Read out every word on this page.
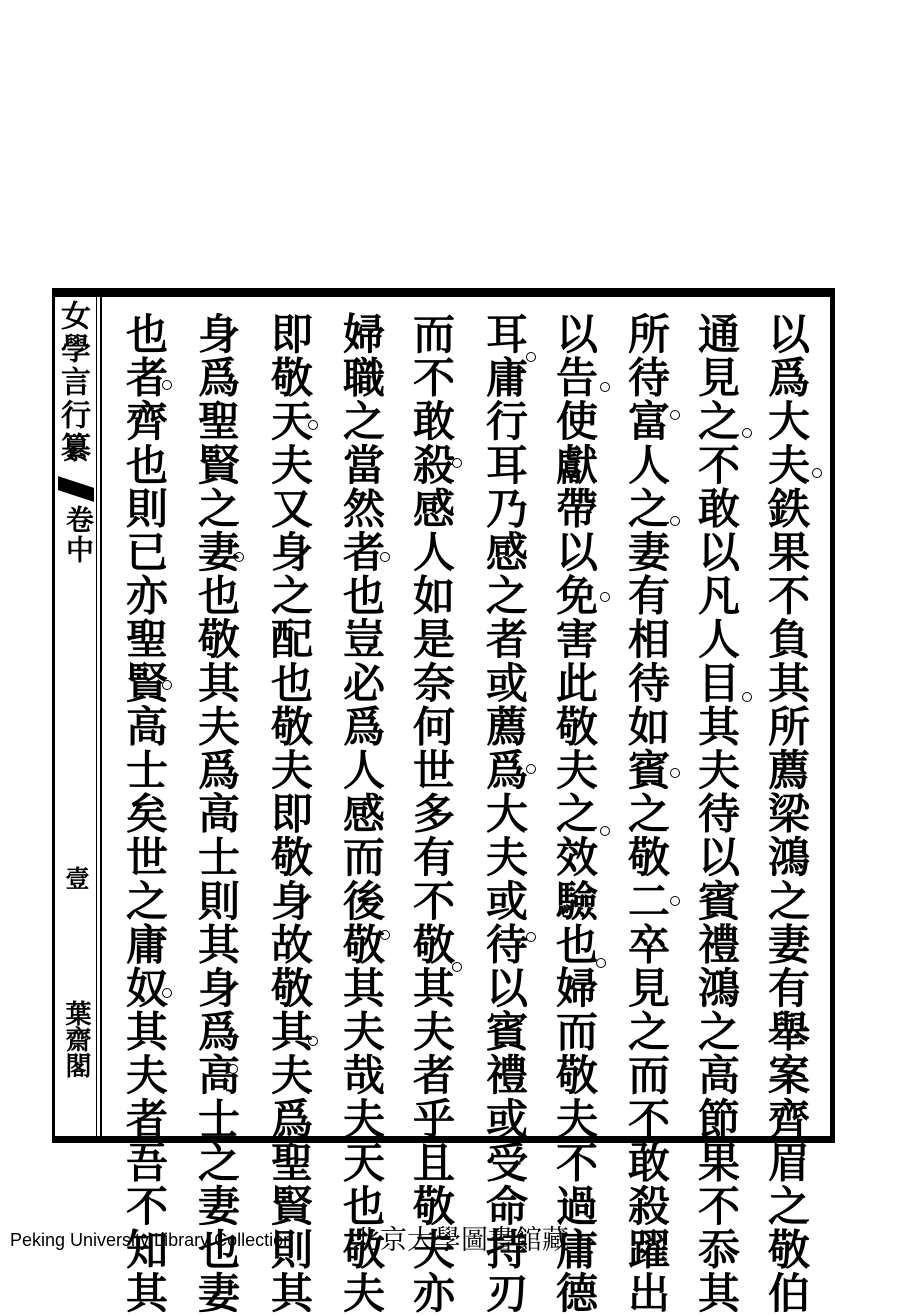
女學言行纂
卷中
壹
葉齋閣	以爲大夫鉄果不負其所薦梁鴻之妻有舉案齊眉之敬伯
通見之不敢以凡人目其夫待以賓禮鴻之高節果不忝其
所待富人之妻有相待如賓之敬二卒見之而不敢殺躍出
以告使獻帶以免害此敬夫之效驗也婦而敬夫不過庸德
耳庸行耳乃感之者或薦爲大夫或待以賓禮或受命持刃
而不敢殺感人如是奈何世多有不敬其夫者乎且敬夫亦
婦職之當然者也豈必爲人感而後敬其夫哉夫天也敬夫
即敬天夫又身之配也敬夫即敬身故敬其夫爲聖賢則其
身爲聖賢之妻也敬其夫爲高士則其身爲高士之妻也妻
也者齊也則已亦聖賢高士矣世之庸奴其夫者吾不知其
Peking University Library Collection	北京大學圖書館藏
